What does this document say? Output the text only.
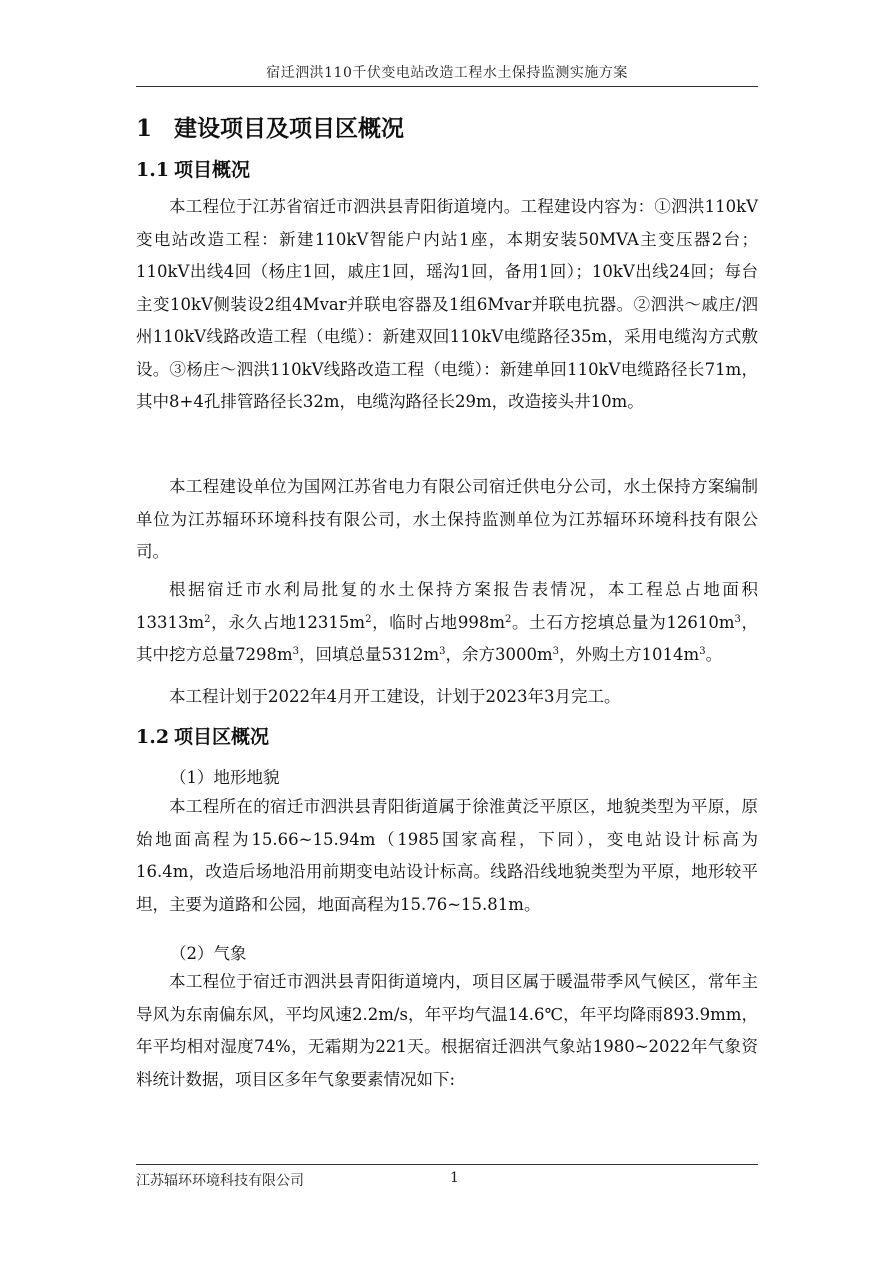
宿迁泗洪110千伏变电站改造工程水土保持监测实施方案
1 建设项目及项目区概况
1.1 项目概况
本工程位于江苏省宿迁市泗洪县青阳街道境内。工程建设内容为：①泗洪110kV变电站改造工程：新建110kV智能户内站1座，本期安装50MVA主变压器2台；110kV出线4回（杨庄1回，戚庄1回，瑶沟1回，备用1回）；10kV出线24回；每台主变10kV侧装设2组4Mvar并联电容器及1组6Mvar并联电抗器。②泗洪～戚庄/泗州110kV线路改造工程（电缆）：新建双回110kV电缆路径35m，采用电缆沟方式敷设。③杨庄～泗洪110kV线路改造工程（电缆）：新建单回110kV电缆路径长71m，其中8+4孔排管路径长32m，电缆沟路径长29m，改造接头井10m。
本工程建设单位为国网江苏省电力有限公司宿迁供电分公司，水土保持方案编制单位为江苏辐环环境科技有限公司，水土保持监测单位为江苏辐环环境科技有限公司。
根据宿迁市水利局批复的水土保持方案报告表情况，本工程总占地面积$13313m^2$，永久占地$12315m^2$，临时占地$998m^2$。土石方挖填总量为$12610m^3$，其中挖方总量$7298m^3$，回填总量$5312m^3$，余方$3000m^3$，外购土方$1014m^3$。
本工程计划于2022年4月开工建设，计划于2023年3月完工。
1.2 项目区概况
（1）地形地貌
本工程所在的宿迁市泗洪县青阳街道属于徐淮黄泛平原区，地貌类型为平原，原始地面高程为15.66~15.94m（1985国家高程，下同），变电站设计标高为16.4m，改造后场地沿用前期变电站设计标高。线路沿线地貌类型为平原，地形较平坦，主要为道路和公园，地面高程为15.76~15.81m。
（2）气象
本工程位于宿迁市泗洪县青阳街道境内，项目区属于暖温带季风气候区，常年主导风为东南偏东风，平均风速2.2m/s，年平均气温14.6℃，年平均降雨893.9mm，年平均相对湿度74%，无霜期为221天。根据宿迁泗洪气象站1980~2022年气象资料统计数据，项目区多年气象要素情况如下:
江苏辐环环境科技有限公司	1
